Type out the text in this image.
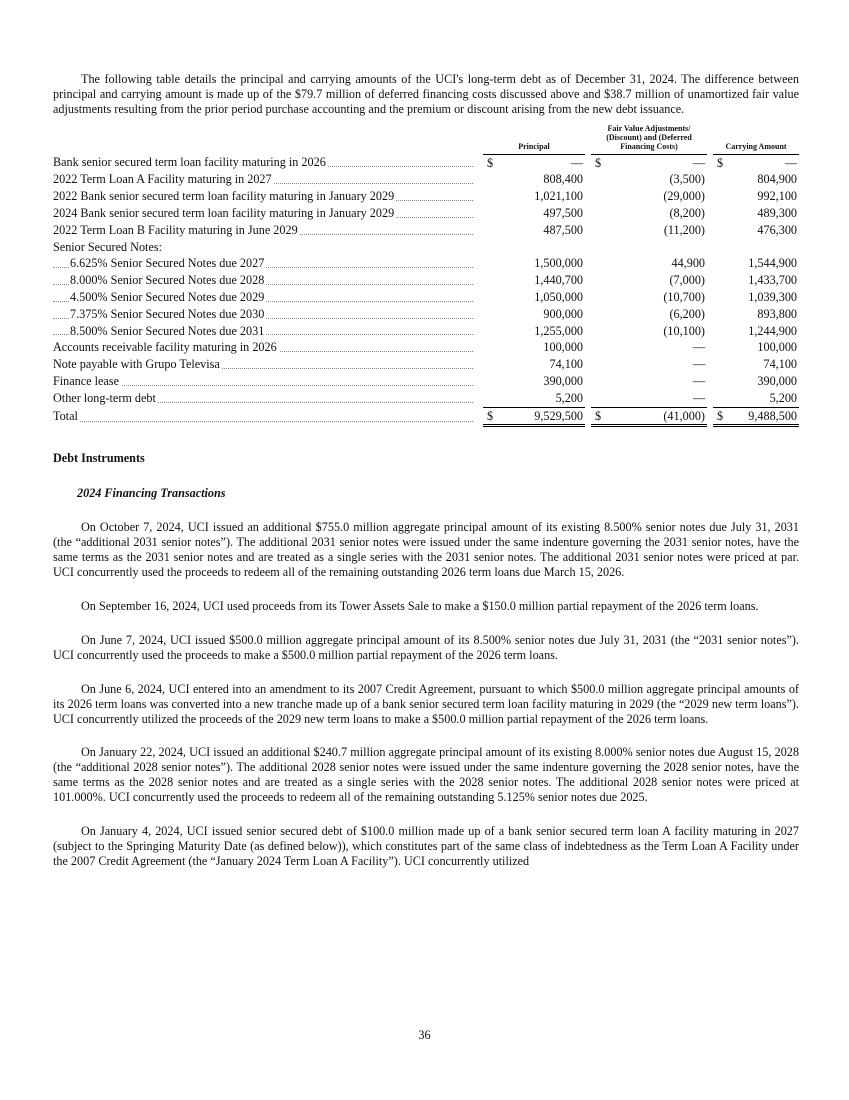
The following table details the principal and carrying amounts of the UCI's long-term debt as of December 31, 2024. The difference between principal and carrying amount is made up of the $79.7 million of deferred financing costs discussed above and $38.7 million of unamortized fair value adjustments resulting from the prior period purchase accounting and the premium or discount arising from the new debt issuance.

		Principal		Fair Value Adjustments/ (Discount) and (Deferred Financing Costs)		Carrying Amount

Bank senior secured term loan facility maturing in 2026		$ —		$ —		$ —

2022 Term Loan A Facility maturing in 2027		808,400		(3,500)		804,900

2022 Bank senior secured term loan facility maturing in January 2029		1,021,100		(29,000)		992,100

2024 Bank senior secured term loan facility maturing in January 2029		497,500		(8,200)		489,300

2022 Term Loan B Facility maturing in June 2029		487,500		(11,200)		476,300

Senior Secured Notes:						

6.625% Senior Secured Notes due 2027		1,500,000		44,900		1,544,900

8.000% Senior Secured Notes due 2028		1,440,700		(7,000)		1,433,700

4.500% Senior Secured Notes due 2029		1,050,000		(10,700)		1,039,300

7.375% Senior Secured Notes due 2030		900,000		(6,200)		893,800

8.500% Senior Secured Notes due 2031		1,255,000		(10,100)		1,244,900

Accounts receivable facility maturing in 2026		100,000		—		100,000

Note payable with Grupo Televisa		74,100		—		74,100

Finance lease		390,000		—		390,000

Other long-term debt		5,200		—		5,200

Total		$ 9,529,500		$ (41,000)		$ 9,488,500
Debt Instruments
2024 Financing Transactions

On October 7, 2024, UCI issued an additional $755.0 million aggregate principal amount of its existing 8.500% senior notes due July 31, 2031 (the “additional 2031 senior notes”). The additional 2031 senior notes were issued under the same indenture governing the 2031 senior notes, have the same terms as the 2031 senior notes and are treated as a single series with the 2031 senior notes. The additional 2031 senior notes were priced at par. UCI concurrently used the proceeds to redeem all of the remaining outstanding 2026 term loans due March 15, 2026.

On September 16, 2024, UCI used proceeds from its Tower Assets Sale to make a $150.0 million partial repayment of the 2026 term loans.

On June 7, 2024, UCI issued $500.0 million aggregate principal amount of its 8.500% senior notes due July 31, 2031 (the “2031 senior notes”). UCI concurrently used the proceeds to make a $500.0 million partial repayment of the 2026 term loans.

On June 6, 2024, UCI entered into an amendment to its 2007 Credit Agreement, pursuant to which $500.0 million aggregate principal amounts of its 2026 term loans was converted into a new tranche made up of a bank senior secured term loan facility maturing in 2029 (the “2029 new term loans”). UCI concurrently utilized the proceeds of the 2029 new term loans to make a $500.0 million partial repayment of the 2026 term loans.

On January 22, 2024, UCI issued an additional $240.7 million aggregate principal amount of its existing 8.000% senior notes due August 15, 2028 (the “additional 2028 senior notes”). The additional 2028 senior notes were issued under the same indenture governing the 2028 senior notes, have the same terms as the 2028 senior notes and are treated as a single series with the 2028 senior notes. The additional 2028 senior notes were priced at 101.000%. UCI concurrently used the proceeds to redeem all of the remaining outstanding 5.125% senior notes due 2025.

On January 4, 2024, UCI issued senior secured debt of $100.0 million made up of a bank senior secured term loan A facility maturing in 2027 (subject to the Springing Maturity Date (as defined below)), which constitutes part of the same class of indebtedness as the Term Loan A Facility under the 2007 Credit Agreement (the “January 2024 Term Loan A Facility”). UCI concurrently utilized

36
